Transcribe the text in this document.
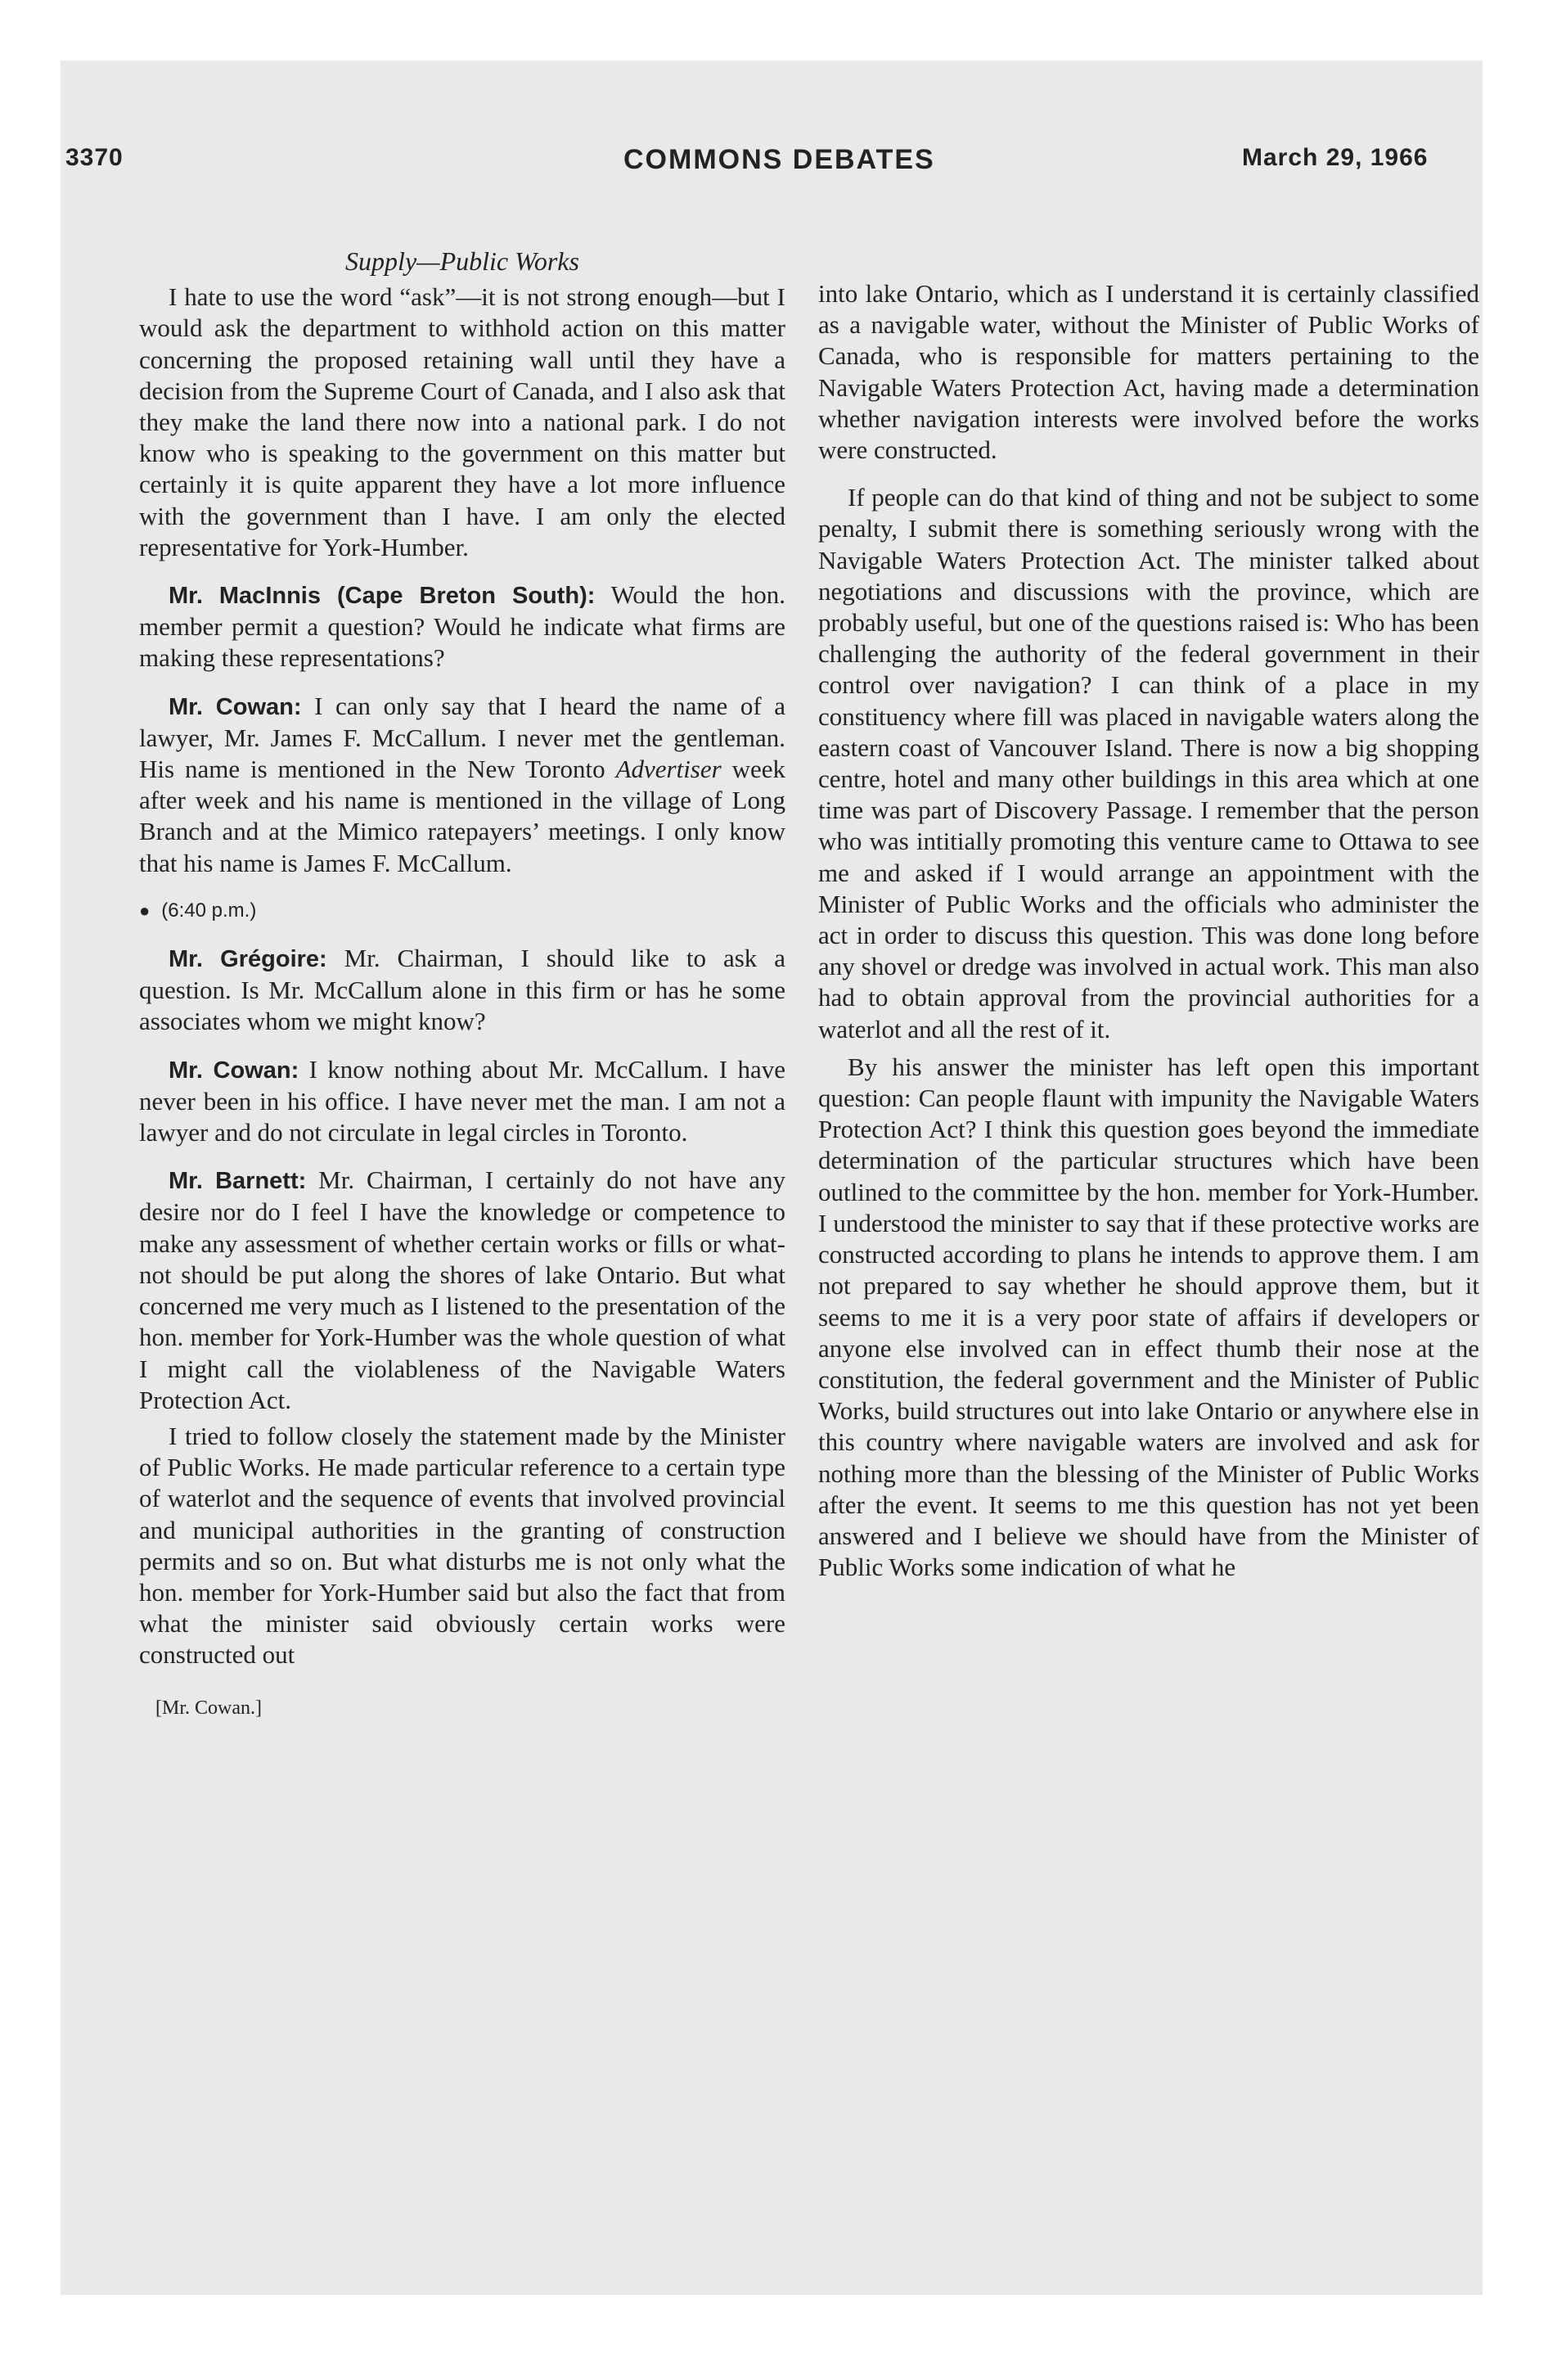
3370	COMMONS DEBATES	March 29, 1966
Supply—Public Works

I hate to use the word “ask”—it is not strong enough—but I would ask the department to withhold action on this matter concerning the proposed retaining wall until they have a decision from the Supreme Court of Canada, and I also ask that they make the land there now into a national park. I do not know who is speaking to the government on this matter but certainly it is quite apparent they have a lot more influence with the government than I have. I am only the elected representative for York-Humber.

Mr. MacInnis (Cape Breton South): Would the hon. member permit a question? Would he indicate what firms are making these representations?

Mr. Cowan: I can only say that I heard the name of a lawyer, Mr. James F. McCallum. I never met the gentleman. His name is mentioned in the New Toronto Advertiser week after week and his name is mentioned in the village of Long Branch and at the Mimico ratepayers’ meetings. I only know that his name is James F. McCallum.

● (6:40 p.m.)

Mr. Grégoire: Mr. Chairman, I should like to ask a question. Is Mr. McCallum alone in this firm or has he some associates whom we might know?

Mr. Cowan: I know nothing about Mr. McCallum. I have never been in his office. I have never met the man. I am not a lawyer and do not circulate in legal circles in Toronto.

Mr. Barnett: Mr. Chairman, I certainly do not have any desire nor do I feel I have the knowledge or competence to make any assessment of whether certain works or fills or what-not should be put along the shores of lake Ontario. But what concerned me very much as I listened to the presentation of the hon. member for York-Humber was the whole question of what I might call the violableness of the Navigable Waters Protection Act.

I tried to follow closely the statement made by the Minister of Public Works. He made particular reference to a certain type of waterlot and the sequence of events that involved provincial and municipal authorities in the granting of construction permits and so on. But what disturbs me is not only what the hon. member for York-Humber said but also the fact that from what the minister said obviously certain works were constructed out

[Mr. Cowan.]

into lake Ontario, which as I understand it is certainly classified as a navigable water, without the Minister of Public Works of Canada, who is responsible for matters pertaining to the Navigable Waters Protection Act, having made a determination whether navigation interests were involved before the works were constructed.

If people can do that kind of thing and not be subject to some penalty, I submit there is something seriously wrong with the Navigable Waters Protection Act. The minister talked about negotiations and discussions with the province, which are probably useful, but one of the questions raised is: Who has been challenging the authority of the federal government in their control over navigation? I can think of a place in my constituency where fill was placed in navigable waters along the eastern coast of Vancouver Island. There is now a big shopping centre, hotel and many other buildings in this area which at one time was part of Discovery Passage. I remember that the person who was intitially promoting this venture came to Ottawa to see me and asked if I would arrange an appointment with the Minister of Public Works and the officials who administer the act in order to discuss this question. This was done long before any shovel or dredge was involved in actual work. This man also had to obtain approval from the provincial authorities for a waterlot and all the rest of it.

By his answer the minister has left open this important question: Can people flaunt with impunity the Navigable Waters Protection Act? I think this question goes beyond the immediate determination of the particular structures which have been outlined to the committee by the hon. member for York-Humber. I understood the minister to say that if these protective works are constructed according to plans he intends to approve them. I am not prepared to say whether he should approve them, but it seems to me it is a very poor state of affairs if developers or anyone else involved can in effect thumb their nose at the constitution, the federal government and the Minister of Public Works, build structures out into lake Ontario or anywhere else in this country where navigable waters are involved and ask for nothing more than the blessing of the Minister of Public Works after the event. It seems to me this question has not yet been answered and I believe we should have from the Minister of Public Works some indication of what he
